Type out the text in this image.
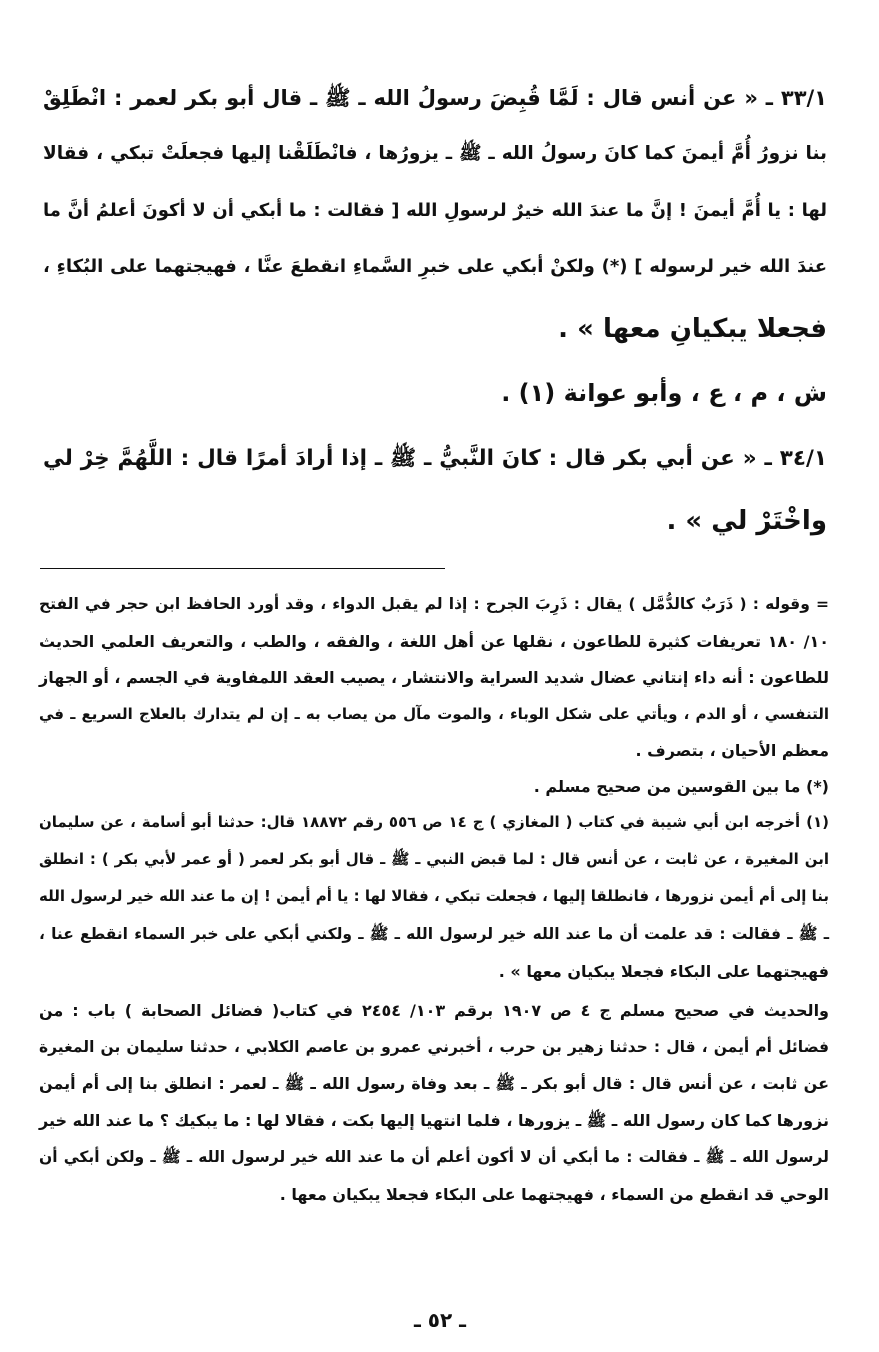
٣٣/١ ـ « عن أنس قال : لَمَّا قُبِضَ رسولُ الله ـ ﷺ ـ قال أبو بكر لعمر : انْطَلِقْ
بنا نزورُ أُمَّ أيمنَ كما كانَ رسولُ الله ـ ﷺ ـ يزورُها ، فانْطَلَقْنا إليها فجعلَتْ تبكي ، فقالا
لها : يا أُمَّ أيمنَ ! إنَّ ما عندَ الله خيرٌ لرسولِ الله [ فقالت : ما أبكي أن لا أكونَ أعلمُ أنَّ ما
عندَ الله خير لرسوله ] (*) ولكنْ أبكي على خبرِ السَّماءِ انقطعَ عنَّا ، فهيجتهما على البُكاءِ ،
فجعلا يبكيانِ معها » .
ش ، م ، ع ، وأبو عوانة (١) .
٣٤/١ ـ « عن أبي بكر قال : كانَ النَّبيُّ ـ ﷺ ـ إذا أرادَ أمرًا قال : اللَّهُمَّ خِرْ لي
واخْتَرْ لي » .
= وقوله : ( ذَرَبٌ كالدُّمَّل ) يقال : ذَرِبَ الجرح : إذا لم يقبل الدواء ، وقد أورد الحافظ ابن حجر في الفتح
١٠/ ١٨٠ تعريفات كثيرة للطاعون ، نقلها عن أهل اللغة ، والفقه ، والطب ، والتعريف العلمي الحديث
للطاعون : أنه داء إنتاني عضال شديد السراية والانتشار ، يصيب العقد اللمفاوية في الجسم ، أو الجهاز
التنفسي ، أو الدم ، ويأتي على شكل الوباء ، والموت مآل من يصاب به ـ إن لم يتدارك بالعلاج السريع ـ في
معظم الأحيان ، بتصرف .
(*) ما بين القوسين من صحيح مسلم .
(١) أخرجه ابن أبي شيبة في كتاب ( المغازي ) ج ١٤ ص ٥٥٦ رقم ١٨٨٧٢ قال: حدثنا أبو أسامة ، عن سليمان
ابن المغيرة ، عن ثابت ، عن أنس قال : لما قبض النبي ـ ﷺ ـ قال أبو بكر لعمر ( أو عمر لأبي بكر ) : انطلق
بنا إلى أم أيمن نزورها ، فانطلقا إليها ، فجعلت تبكي ، فقالا لها : يا أم أيمن ! إن ما عند الله خير لرسول الله
ـ ﷺ ـ فقالت : قد علمت أن ما عند الله خير لرسول الله ـ ﷺ ـ ولكني أبكي على خبر السماء انقطع عنا ،
فهيجتهما على البكاء فجعلا يبكيان معها » .
والحديث في صحيح مسلم ج ٤ ص ١٩٠٧ برقم ١٠٣/ ٢٤٥٤ في كتاب( فضائل الصحابة ) باب : من
فضائل أم أيمن ، قال : حدثنا زهير بن حرب ، أخبرني عمرو بن عاصم الكلابي ، حدثنا سليمان بن المغيرة
عن ثابت ، عن أنس قال : قال أبو بكر ـ ﷺ ـ بعد وفاة رسول الله ـ ﷺ ـ لعمر : انطلق بنا إلى أم أيمن
نزورها كما كان رسول الله ـ ﷺ ـ يزورها ، فلما انتهيا إليها بكت ، فقالا لها : ما يبكيك ؟ ما عند الله خير
لرسول الله ـ ﷺ ـ فقالت : ما أبكي أن لا أكون أعلم أن ما عند الله خير لرسول الله ـ ﷺ ـ ولكن أبكي أن
الوحي قد انقطع من السماء ، فهيجتهما على البكاء فجعلا يبكيان معها .
ـ ٥٢ ـ
